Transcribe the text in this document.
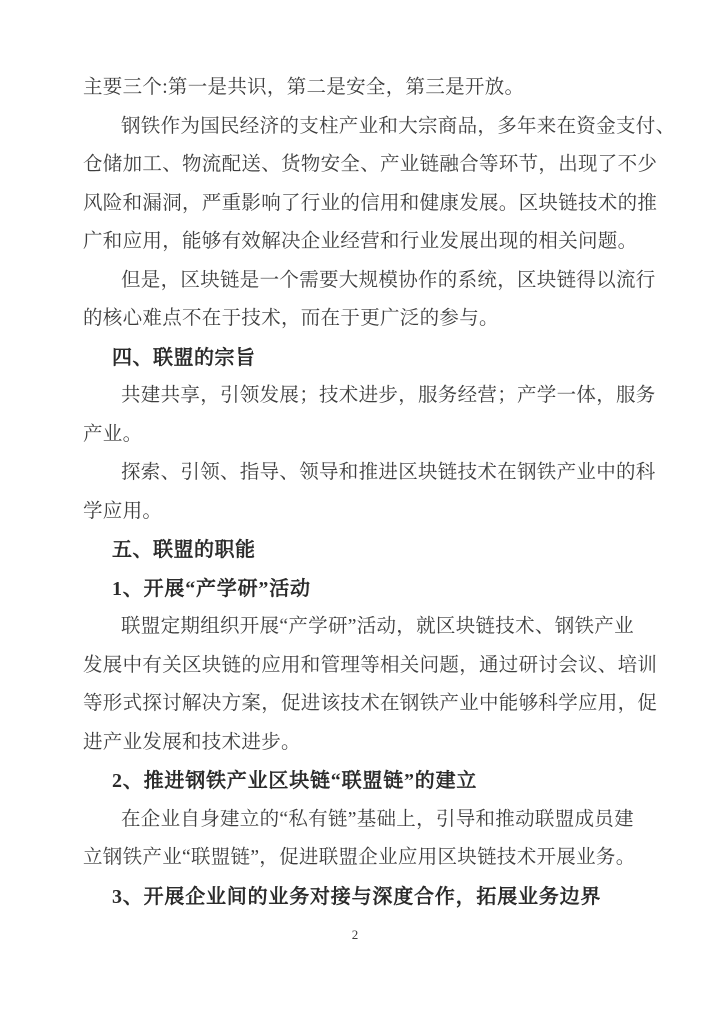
主要三个:第一是共识，第二是安全，第三是开放。
钢铁作为国民经济的支柱产业和大宗商品，多年来在资金支付、
仓储加工、物流配送、货物安全、产业链融合等环节，出现了不少
风险和漏洞，严重影响了行业的信用和健康发展。区块链技术的推
广和应用，能够有效解决企业经营和行业发展出现的相关问题。
但是，区块链是一个需要大规模协作的系统，区块链得以流行
的核心难点不在于技术，而在于更广泛的参与。
四、联盟的宗旨
共建共享，引领发展；技术进步，服务经营；产学一体，服务
产业。
探索、引领、指导、领导和推进区块链技术在钢铁产业中的科
学应用。
五、联盟的职能
1、开展“产学研”活动
联盟定期组织开展“产学研”活动，就区块链技术、钢铁产业
发展中有关区块链的应用和管理等相关问题，通过研讨会议、培训
等形式探讨解决方案，促进该技术在钢铁产业中能够科学应用，促
进产业发展和技术进步。
2、推进钢铁产业区块链“联盟链”的建立
在企业自身建立的“私有链”基础上，引导和推动联盟成员建
立钢铁产业“联盟链”，促进联盟企业应用区块链技术开展业务。
3、开展企业间的业务对接与深度合作，拓展业务边界
2
